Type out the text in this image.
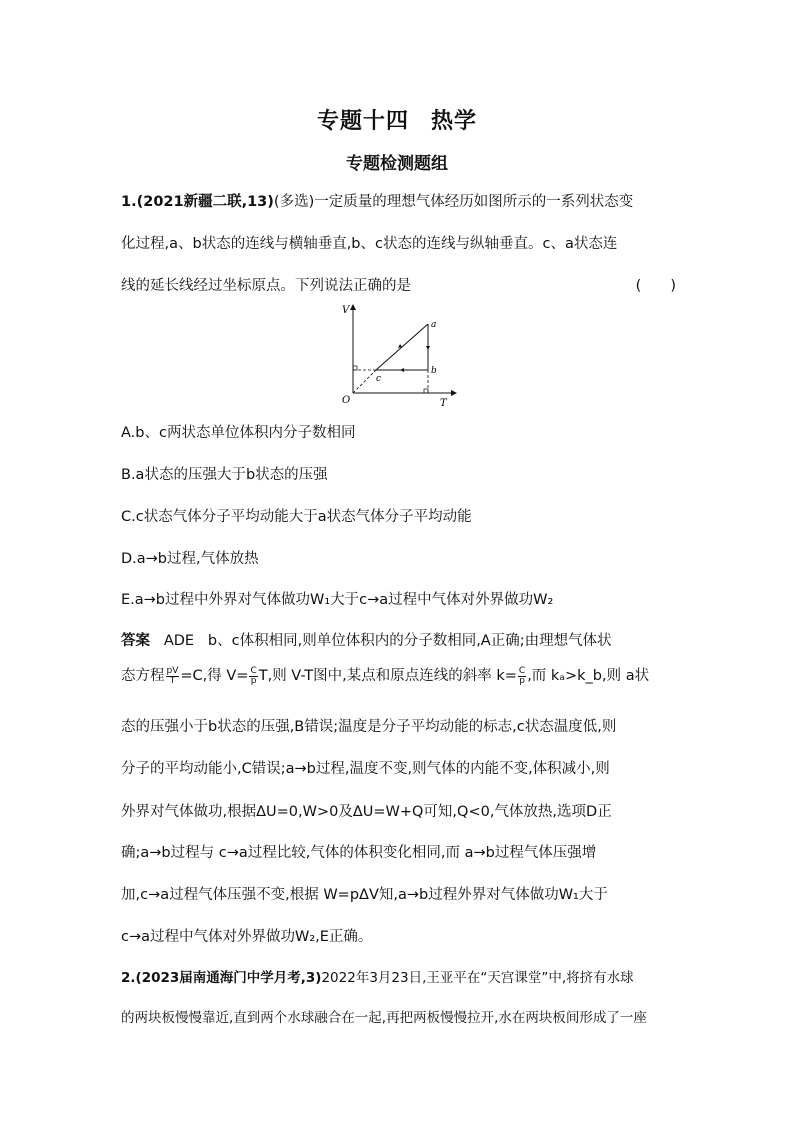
专题十四 热学
专题检测题组
1.(2021新疆二联,13)(多选)一定质量的理想气体经历如图所示的一系列状态变
化过程,a、b状态的连线与横轴垂直,b、c状态的连线与纵轴垂直。c、a状态连
线的延长线经过坐标原点。下列说法正确的是	(　　)
V
T
O
a
b
c
A.b、c两状态单位体积内分子数相同
B.a状态的压强大于b状态的压强
C.c状态气体分子平均动能大于a状态气体分子平均动能
D.a→b过程,气体放热
E.a→b过程中外界对气体做功W₁大于c→a过程中气体对外界做功W₂
答案 ADE b、c体积相同,则单位体积内的分子数相同,A正确;由理想气体状
态方程 $\frac{pV}{T} =C$,得 $V= \frac{C}{p} T$,则 V-T图中,某点和原点连线的斜率 $k= \frac{C}{p}$ ,而 kₐ>k_b,则 a状
态的压强小于b状态的压强,B错误;温度是分子平均动能的标志,c状态温度低,则
分子的平均动能小,C错误;a→b过程,温度不变,则气体的内能不变,体积减小,则
外界对气体做功,根据ΔU=0,W>0及ΔU=W+Q可知,Q<0,气体放热,选项D正
确;a→b过程与 c→a过程比较,气体的体积变化相同,而 a→b过程气体压强增
加,c→a过程气体压强不变,根据 W=pΔV知,a→b过程外界对气体做功W₁大于
c→a过程中气体对外界做功W₂,E正确。
2.(2023届南通海门中学月考,3)2022年3月23日,王亚平在“天宫课堂”中,将挤有水球
的两块板慢慢靠近,直到两个水球融合在一起,再把两板慢慢拉开,水在两块板间形成了一座
